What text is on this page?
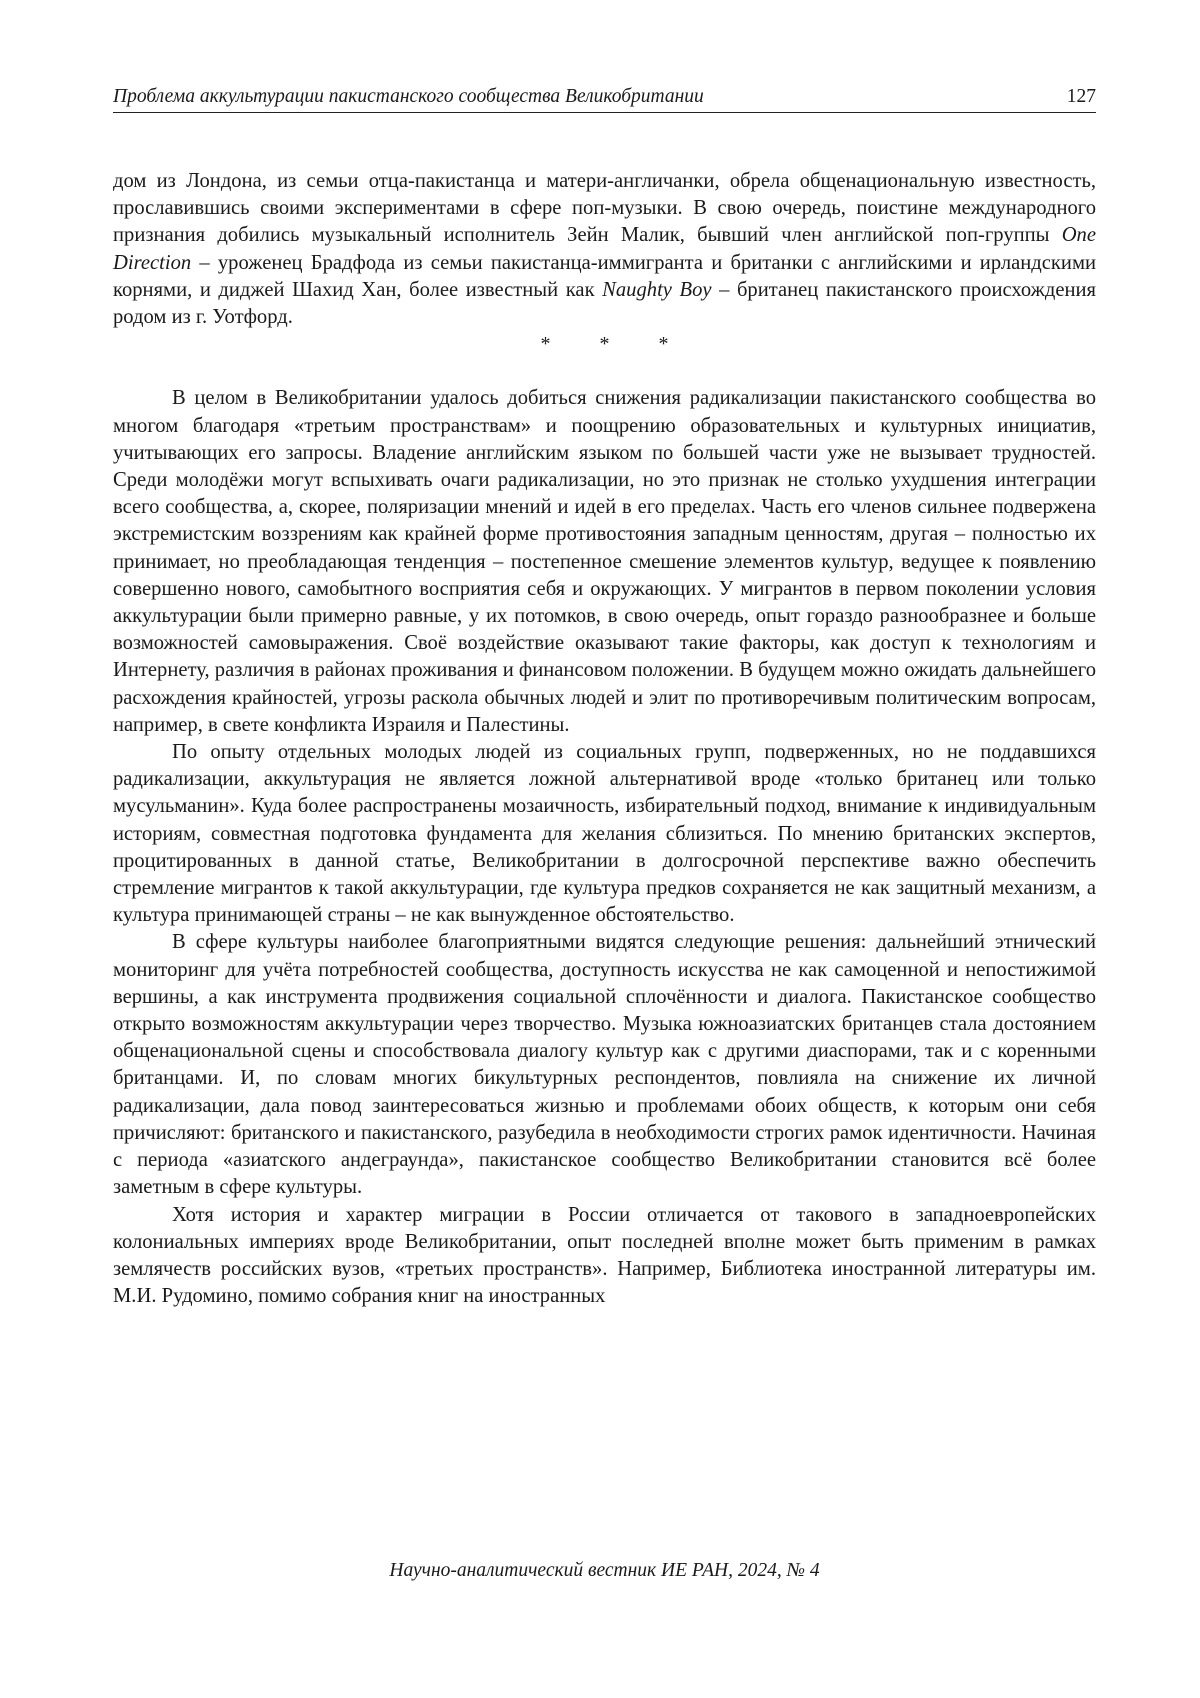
Проблема аккультурации пакистанского сообщества Великобритании	127

дом из Лондона, из семьи отца-пакистанца и матери-англичанки, обрела общенациональную известность, прославившись своими экспериментами в сфере поп-музыки. В свою очередь, поистине международного признания добились музыкальный исполнитель Зейн Малик, бывший член английской поп-группы One Direction – уроженец Брадфода из семьи пакистанца-иммигранта и британки с английскими и ирландскими корнями, и диджей Шахид Хан, более известный как Naughty Boy – британец пакистанского происхождения родом из г. Уотфорд.

* * *

В целом в Великобритании удалось добиться снижения радикализации пакистанского сообщества во многом благодаря «третьим пространствам» и поощрению образовательных и культурных инициатив, учитывающих его запросы. Владение английским языком по большей части уже не вызывает трудностей. Среди молодёжи могут вспыхивать очаги радикализации, но это признак не столько ухудшения интеграции всего сообщества, а, скорее, поляризации мнений и идей в его пределах. Часть его членов сильнее подвержена экстремистским воззрениям как крайней форме противостояния западным ценностям, другая – полностью их принимает, но преобладающая тенденция – постепенное смешение элементов культур, ведущее к появлению совершенно нового, самобытного восприятия себя и окружающих. У мигрантов в первом поколении условия аккультурации были примерно равные, у их потомков, в свою очередь, опыт гораздо разнообразнее и больше возможностей самовыражения. Своё воздействие оказывают такие факторы, как доступ к технологиям и Интернету, различия в районах проживания и финансовом положении. В будущем можно ожидать дальнейшего расхождения крайностей, угрозы раскола обычных людей и элит по противоречивым политическим вопросам, например, в свете конфликта Израиля и Палестины.

По опыту отдельных молодых людей из социальных групп, подверженных, но не поддавшихся радикализации, аккультурация не является ложной альтернативой вроде «только британец или только мусульманин». Куда более распространены мозаичность, избирательный подход, внимание к индивидуальным историям, совместная подготовка фундамента для желания сблизиться. По мнению британских экспертов, процитированных в данной статье, Великобритании в долгосрочной перспективе важно обеспечить стремление мигрантов к такой аккультурации, где культура предков сохраняется не как защитный механизм, а культура принимающей страны – не как вынужденное обстоятельство.

В сфере культуры наиболее благоприятными видятся следующие решения: дальнейший этнический мониторинг для учёта потребностей сообщества, доступность искусства не как самоценной и непостижимой вершины, а как инструмента продвижения социальной сплочённости и диалога. Пакистанское сообщество открыто возможностям аккультурации через творчество. Музыка южноазиатских британцев стала достоянием общенациональной сцены и способствовала диалогу культур как с другими диаспорами, так и с коренными британцами. И, по словам многих бикультурных респондентов, повлияла на снижение их личной радикализации, дала повод заинтересоваться жизнью и проблемами обоих обществ, к которым они себя причисляют: британского и пакистанского, разубедила в необходимости строгих рамок идентичности. Начиная с периода «азиатского андеграунда», пакистанское сообщество Великобритании становится всё более заметным в сфере культуры.

Хотя история и характер миграции в России отличается от такового в западноевропейских колониальных империях вроде Великобритании, опыт последней вполне может быть применим в рамках землячеств российских вузов, «третьих пространств». Например, Библиотека иностранной литературы им. М.И. Рудомино, помимо собрания книг на иностранных

Научно-аналитический вестник ИЕ РАН, 2024, № 4
